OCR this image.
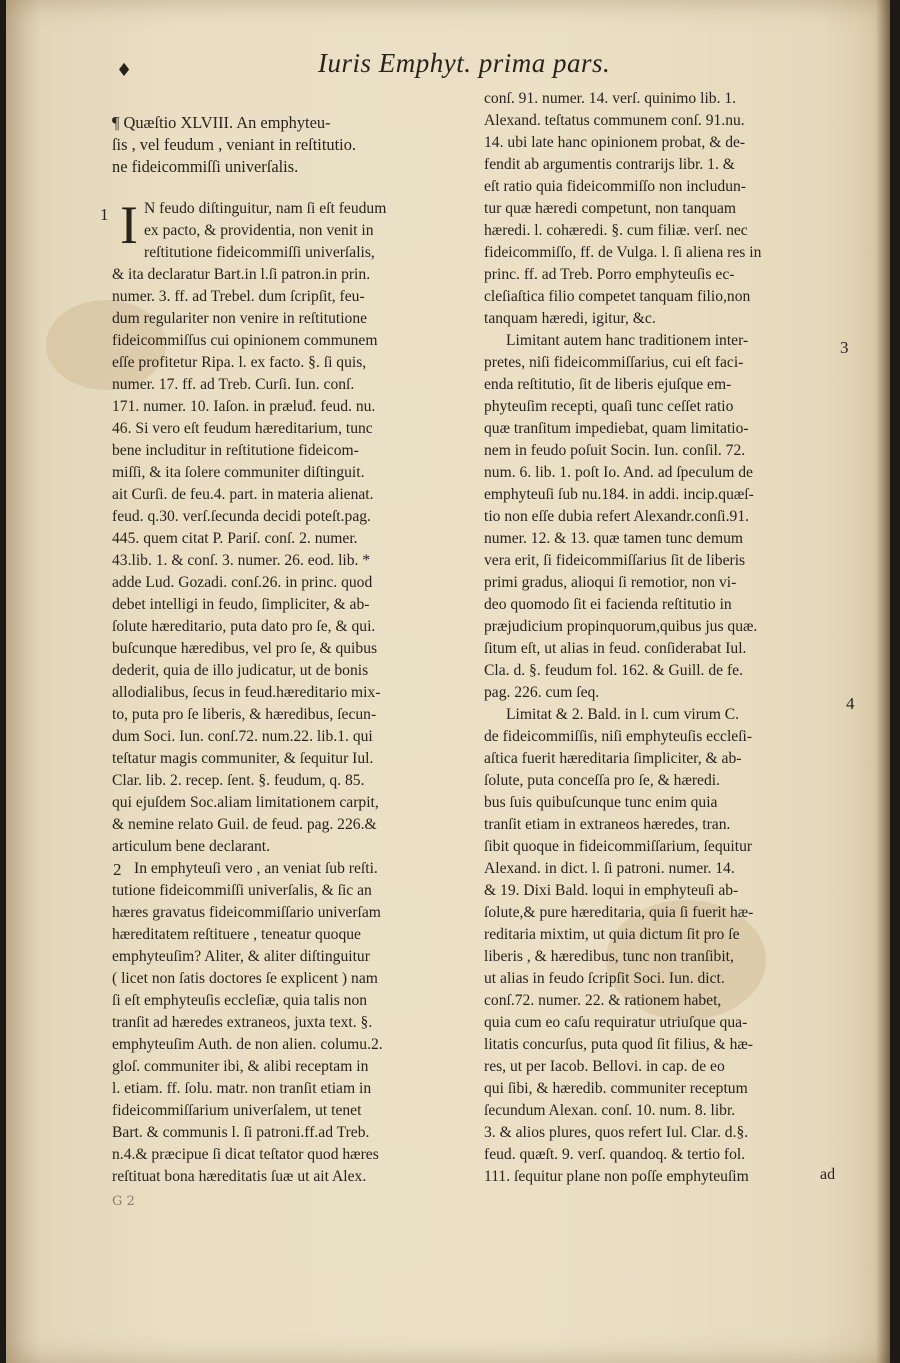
♦	Iuris Emphyt. prima pars.
I
¶ Quæſtio XLVIII. An emphyteu-
ſis , vel feudum , veniant in reſtitutio.
ne fideicommiſſi univerſalis.
N feudo diſtinguitur, nam ſi eſt feudum
ex pacto, & providentia, non venit in
reſtitutione fideicommiſſi univerſalis,
& ita declaratur Bart.in l.ſi patron.in prin.
numer. 3. ff. ad Trebel. dum ſcripſit, feu-
dum regulariter non venire in reſtitutione
fideicommiſſus cui opinionem communem
eſſe profitetur Ripa. l. ex facto. §. ſi quis,
numer. 17. ff. ad Treb. Curſi. Iun. conſ.
171. numer. 10. Iaſon. in præluđ. feud. nu.
46. Si vero eſt feudum hæreditarium, tunc
bene includitur in reſtitutione fideicom-
miſſi, & ita ſolere communiter diſtinguit.
ait Curſi. de feu.4. part. in materia alienat.
feud. q.30. verſ.ſecunda decidi poteſt.pag.
445. quem citat P. Pariſ. conſ. 2. numer.
43.lib. 1. & conſ. 3. numer. 26. eod. lib. *
adde Lud. Gozadi. conſ.26. in princ. quod
debet intelligi in feudo, ſimpliciter, & ab-
ſolute hæreditario, puta dato pro ſe, & qui.
buſcunque hæredibus, vel pro ſe, & quibus
dederit, quia de illo judicatur, ut de bonis
allodialibus, ſecus in feud.hæreditario mix-
to, puta pro ſe liberis, & hæredibus, ſecun-
dum Soci. Iun. conſ.72. num.22. lib.1. qui
teſtatur magis communiter, & ſequitur Iul.
Clar. lib. 2. recep. ſent. §. feudum, q. 85.
qui ejuſdem Soc.aliam limitationem carpit,
& nemine relato Guil. de feud. pag. 226.&
articulum bene declarant.
In emphyteuſi vero , an veniat ſub reſti.
tutione fideicommiſſi univerſalis, & ſic an
hæres gravatus fideicommiſſario univerſam
hæreditatem reſtituere , teneatur quoque
emphyteuſim? Aliter, & aliter diſtinguitur
( licet non ſatis doctores ſe explicent ) nam
ſi eſt emphyteuſis eccleſiæ, quia talis non
tranſit ad hæredes extraneos, juxta text. §.
emphyteuſim Auth. de non alien. columu.2.
gloſ. communiter ibi, & alibi receptam in
l. etiam. ff. ſolu. matr. non tranſit etiam in
fideicommiſſarium univerſalem, ut tenet
Bart. & communis l. ſi patroni.ff.ad Treb.
n.4.& præcipue ſi dicat teſtator quod hæres
reſtituat bona hæreditatis ſuæ ut ait Alex.
conſ. 91. numer. 14. verſ. quinimo lib. 1.
Alexand. teſtatus communem conſ. 91.nu.
14. ubi late hanc opinionem probat, & de-
fendit ab argumentis contrarijs libr. 1. &
eſt ratio quia fideicommiſſo non includun-
tur quæ hæredi competunt, non tanquam
hæredi. l. cohæredi. §. cum filiæ. verſ. nec
fideicommiſſo, ff. de Vulga. l. ſi aliena res in
princ. ff. ad Treb. Porro emphyteuſis ec-
cleſiaſtica filio competet tanquam filio,non
tanquam hæredi, igitur, &c.
Limitant autem hanc traditionem inter-
pretes, niſi fideicommiſſarius, cui eſt faci-
enda reſtitutio, ſit de liberis ejuſque em-
phyteuſim recepti, quaſi tunc ceſſet ratio
quæ tranſitum impediebat, quam limitatio-
nem in feudo poſuit Socin. Iun. conſil. 72.
num. 6. lib. 1. poſt Io. And. ad ſpeculum de
emphyteuſi ſub nu.184. in addi. incip.quæſ-
tio non eſſe dubia refert Alexandr.conſi.91.
numer. 12. & 13. quæ tamen tunc demum
vera erit, ſi fideicommiſſarius ſit de liberis
primi gradus, alioqui ſi remotior, non vi-
deo quomodo ſit ei facienda reſtitutio in
præjudicium propinquorum,quibus jus quæ.
ſitum eſt, ut alias in feud. conſiderabat Iul.
Cla. d. §. feudum fol. 162. & Guill. de fe.
pag. 226. cum ſeq.
Limitat & 2. Bald. in l. cum virum C.
de fideicommiſſis, niſi emphyteuſis eccleſi-
aſtica fuerit hæreditaria ſimpliciter, & ab-
ſolute, puta conceſſa pro ſe, & hæredi.
bus ſuis quibuſcunque tunc enim quia
tranſit etiam in extraneos hæredes, tran.
ſibit quoque in fideicommiſſarium, ſequitur
Alexand. in dict. l. ſi patroni. numer. 14.
& 19. Dixi Bald. loqui in emphyteuſi ab-
ſolute,& pure hæreditaria, quia ſi fuerit hæ-
reditaria mixtim, ut quia dictum ſit pro ſe
liberis , & hæredibus, tunc non tranſibit,
ut alias in feudo ſcripſit Soci. Iun. dict.
conſ.72. numer. 22. & rationem habet,
quia cum eo caſu requiratur utriuſque qua-
litatis concurſus, puta quod ſit filius, & hæ-
res, ut per Iacob. Bellovi. in cap. de eo
qui ſibi, & hæredib. communiter receptum
ſecundum Alexan. conſ. 10. num. 8. libr.
3. & alios plures, quos refert Iul. Clar. d.§.
feud. quæſt. 9. verſ. quandoq. & tertio fol.
111. ſequitur plane non poſſe emphyteuſim
1
2
3
4
ad
G 2
